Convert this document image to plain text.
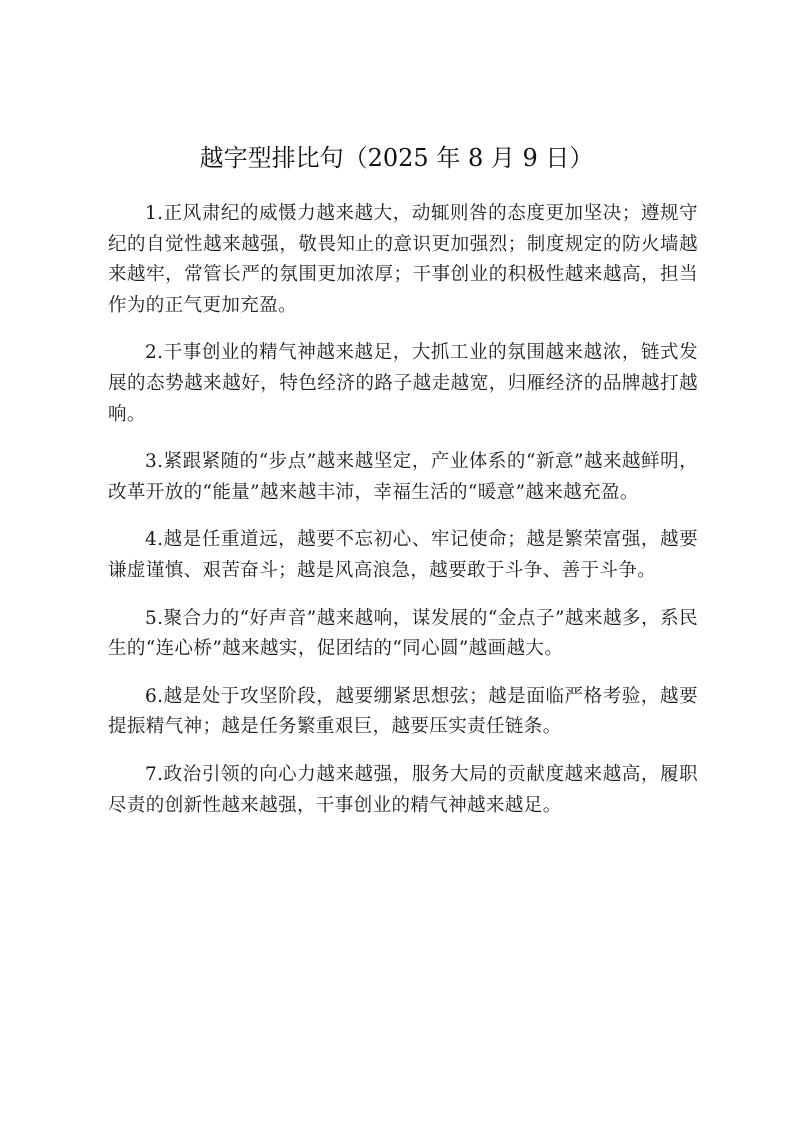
越字型排比句（2025 年 8 月 9 日）

1.正风肃纪的威慑力越来越大，动辄则咎的态度更加坚决；遵规守纪的自觉性越来越强，敬畏知止的意识更加强烈；制度规定的防火墙越来越牢，常管长严的氛围更加浓厚；干事创业的积极性越来越高，担当作为的正气更加充盈。

2.干事创业的精气神越来越足，大抓工业的氛围越来越浓，链式发展的态势越来越好，特色经济的路子越走越宽，归雁经济的品牌越打越响。

3.紧跟紧随的“步点”越来越坚定，产业体系的“新意”越来越鲜明，改革开放的“能量”越来越丰沛，幸福生活的“暖意”越来越充盈。

4.越是任重道远，越要不忘初心、牢记使命；越是繁荣富强，越要谦虚谨慎、艰苦奋斗；越是风高浪急，越要敢于斗争、善于斗争。

5.聚合力的“好声音”越来越响，谋发展的“金点子”越来越多，系民生的“连心桥”越来越实，促团结的“同心圆”越画越大。

6.越是处于攻坚阶段，越要绷紧思想弦；越是面临严格考验，越要提振精气神；越是任务繁重艰巨，越要压实责任链条。

7.政治引领的向心力越来越强，服务大局的贡献度越来越高，履职尽责的创新性越来越强，干事创业的精气神越来越足。
